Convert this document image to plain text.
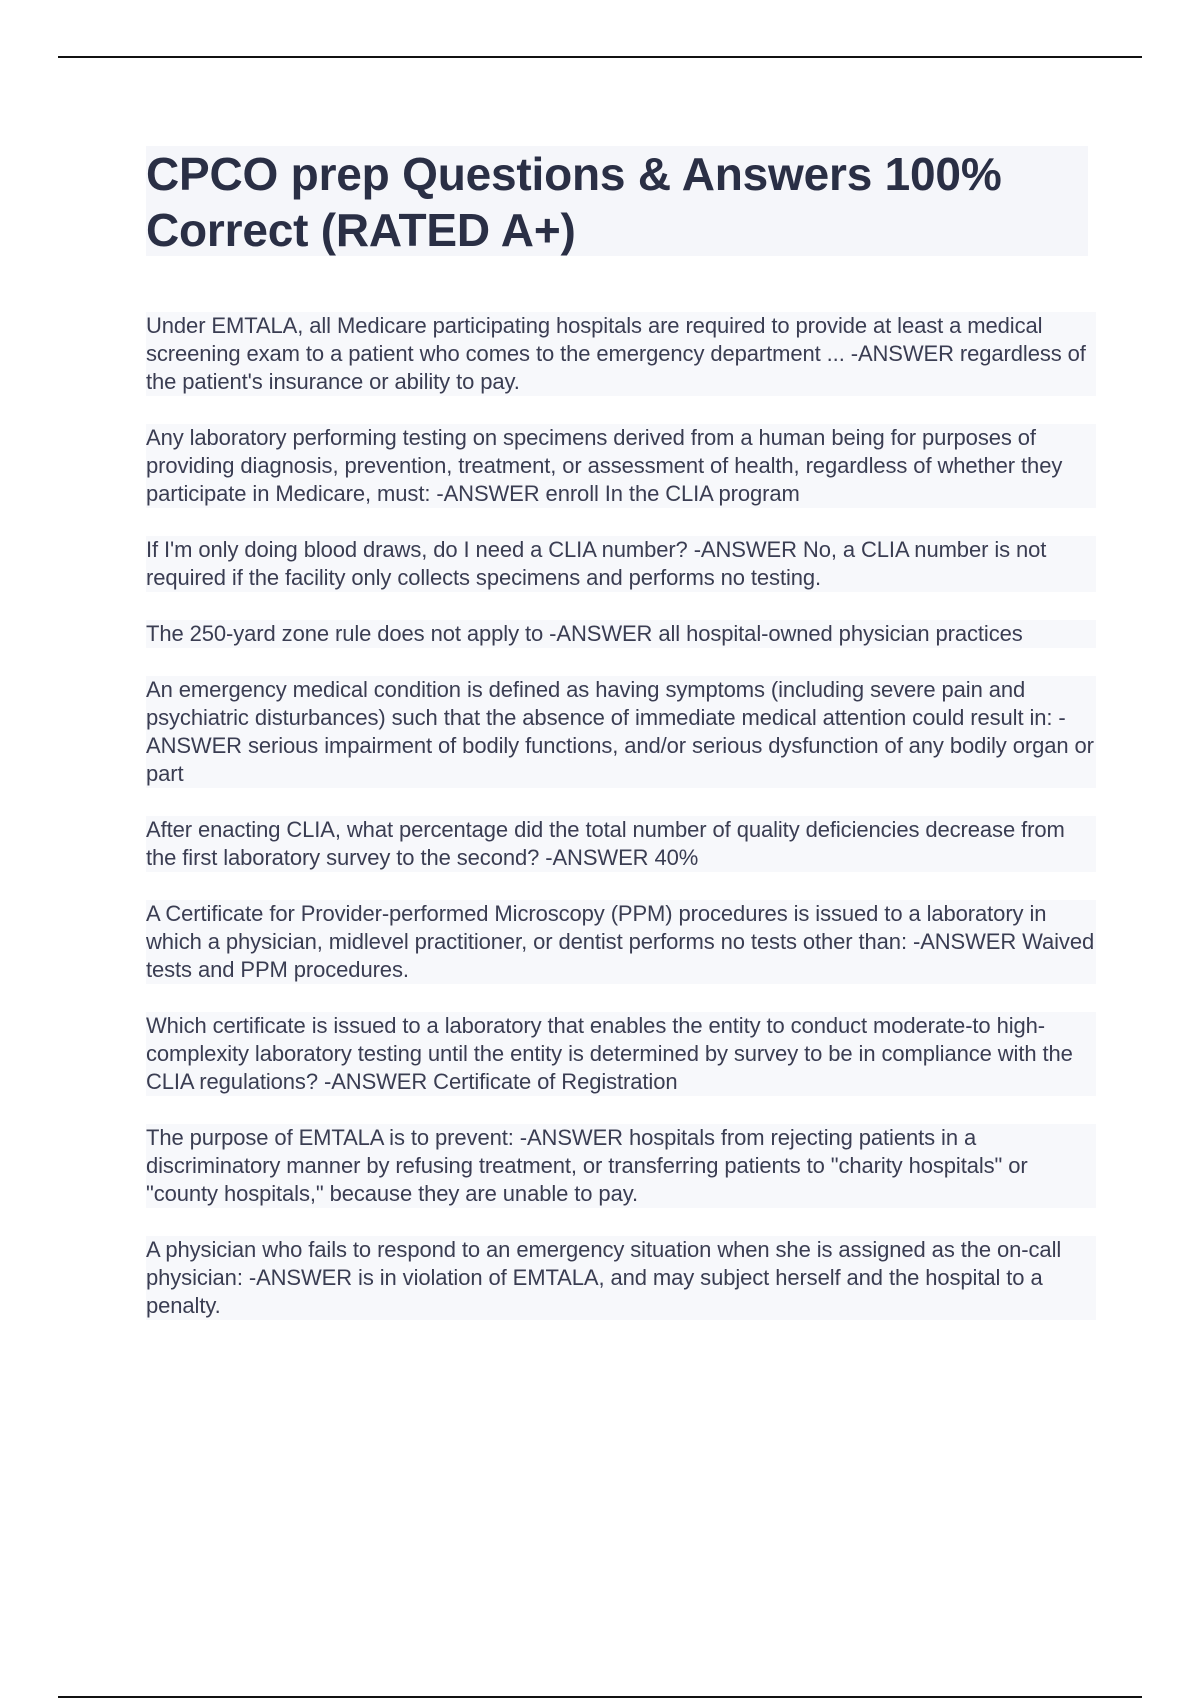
CPCO prep Questions & Answers 100% Correct (RATED A+)

Under EMTALA, all Medicare participating hospitals are required to provide at least a medical screening exam to a patient who comes to the emergency department ... -ANSWER regardless of the patient's insurance or ability to pay.

Any laboratory performing testing on specimens derived from a human being for purposes of providing diagnosis, prevention, treatment, or assessment of health, regardless of whether they participate in Medicare, must: -ANSWER enroll In the CLIA program

If I'm only doing blood draws, do I need a CLIA number? -ANSWER No, a CLIA number is not required if the facility only collects specimens and performs no testing.

The 250-yard zone rule does not apply to -ANSWER all hospital-owned physician practices

An emergency medical condition is defined as having symptoms (including severe pain and psychiatric disturbances) such that the absence of immediate medical attention could result in: -ANSWER serious impairment of bodily functions, and/or serious dysfunction of any bodily organ or part

After enacting CLIA, what percentage did the total number of quality deficiencies decrease from the first laboratory survey to the second? -ANSWER 40%

A Certificate for Provider-performed Microscopy (PPM) procedures is issued to a laboratory in which a physician, midlevel practitioner, or dentist performs no tests other than: -ANSWER Waived tests and PPM procedures.

Which certificate is issued to a laboratory that enables the entity to conduct moderate-to high-complexity laboratory testing until the entity is determined by survey to be in compliance with the CLIA regulations? -ANSWER Certificate of Registration

The purpose of EMTALA is to prevent: -ANSWER hospitals from rejecting patients in a discriminatory manner by refusing treatment, or transferring patients to "charity hospitals" or "county hospitals," because they are unable to pay.

A physician who fails to respond to an emergency situation when she is assigned as the on-call physician: -ANSWER is in violation of EMTALA, and may subject herself and the hospital to a penalty.
